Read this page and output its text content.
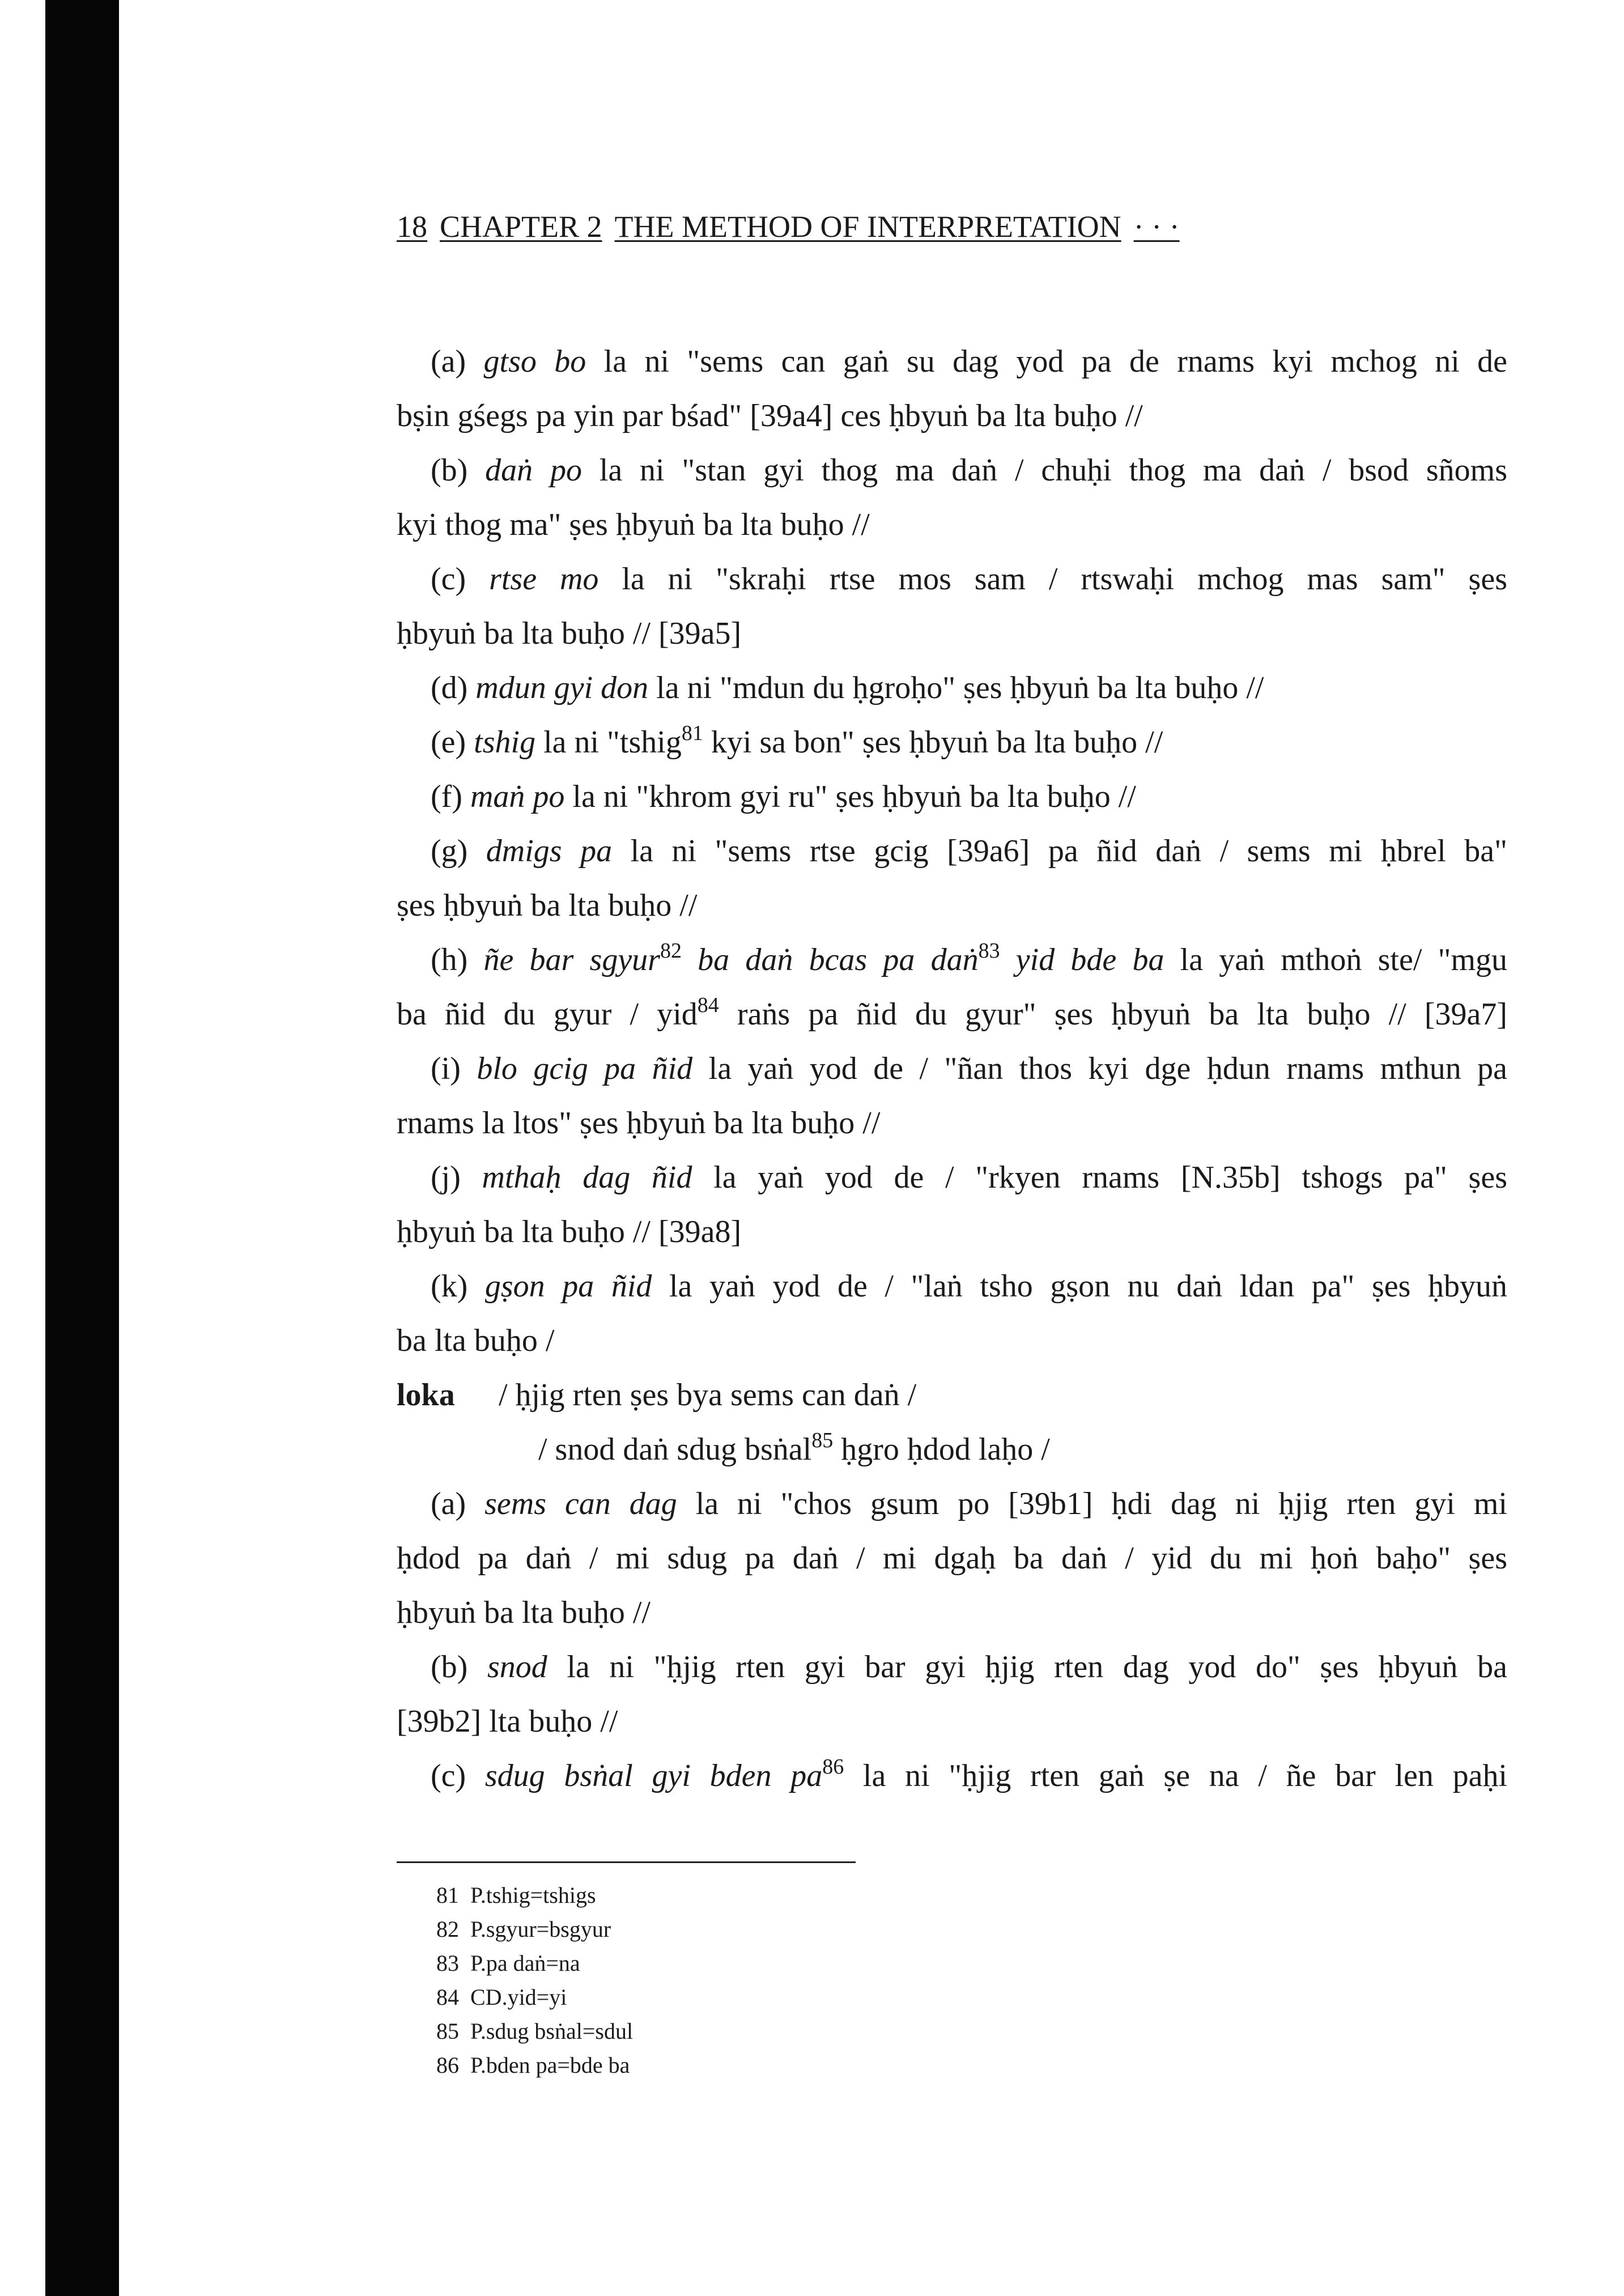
18 CHAPTER 2 THE METHOD OF INTERPRETATION · · ·
(a) gtso bo la ni "sems can gaṅ su dag yod pa de rnams kyi mchog ni de
bṣin gśegs pa yin par bśad" [39a4] ces ḥbyuṅ ba lta buḥo //
(b) daṅ po la ni "stan gyi thog ma daṅ / chuḥi thog ma daṅ / bsod sñoms
kyi thog ma" ṣes ḥbyuṅ ba lta buḥo //
(c) rtse mo la ni "skraḥi rtse mos sam / rtswaḥi mchog mas sam" ṣes
ḥbyuṅ ba lta buḥo // [39a5]
(d) mdun gyi don la ni "mdun du ḥgroḥo" ṣes ḥbyuṅ ba lta buḥo //
(e) tshig la ni "tshig$^{81}$ kyi sa bon" ṣes ḥbyuṅ ba lta buḥo //
(f) maṅ po la ni "khrom gyi ru" ṣes ḥbyuṅ ba lta buḥo //
(g) dmigs pa la ni "sems rtse gcig [39a6] pa ñid daṅ / sems mi ḥbrel ba"
ṣes ḥbyuṅ ba lta buḥo //
(h) ñe bar sgyur$^{82}$ ba daṅ bcas pa daṅ$^{83}$ yid bde ba la yaṅ mthoṅ ste/ "mgu
ba ñid du gyur / yid$^{84}$ raṅs pa ñid du gyur" ṣes ḥbyuṅ ba lta buḥo // [39a7]
(i) blo gcig pa ñid la yaṅ yod de / "ñan thos kyi dge ḥdun rnams mthun pa
rnams la ltos" ṣes ḥbyuṅ ba lta buḥo //
(j) mthaḥ dag ñid la yaṅ yod de / "rkyen rnams [N.35b] tshogs pa" ṣes
ḥbyuṅ ba lta buḥo // [39a8]
(k) gṣon pa ñid la yaṅ yod de / "laṅ tsho gṣon nu daṅ ldan pa" ṣes ḥbyuṅ
ba lta buḥo /
loka / ḥjig rten ṣes bya sems can daṅ /
/ snod daṅ sdug bsṅal$^{85}$ ḥgro ḥdod laḥo /
(a) sems can dag la ni "chos gsum po [39b1] ḥdi dag ni ḥjig rten gyi mi
ḥdod pa daṅ / mi sdug pa daṅ / mi dgaḥ ba daṅ / yid du mi ḥoṅ baḥo" ṣes
ḥbyuṅ ba lta buḥo //
(b) snod la ni "ḥjig rten gyi bar gyi ḥjig rten dag yod do" ṣes ḥbyuṅ ba
[39b2] lta buḥo //
(c) sdug bsṅal gyi bden $pa^{86}$ la ni "ḥjig rten gaṅ ṣe na / ñe bar len paḥi
81 P.tshig=tshigs
82 P.sgyur=bsgyur
83 P.pa daṅ=na
84 CD.yid=yi
85 P.sdug bsṅal=sdul
86 P.bden pa=bde ba
